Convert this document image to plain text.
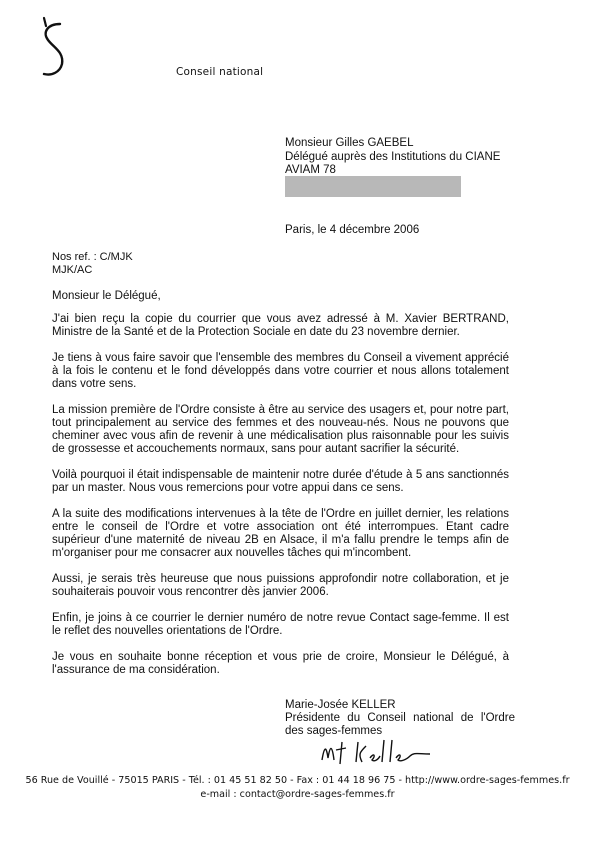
Conseil national
Monsieur Gilles GAEBEL
Délégué auprès des Institutions du CIANE
AVIAM 78
Paris, le 4 décembre 2006
Nos ref. : C/MJK
MJK/AC
Monsieur le Délégué,

J'ai bien reçu la copie du courrier que vous avez adressé à M. Xavier BERTRAND, Ministre de la Santé et de la Protection Sociale en date du 23 novembre dernier.

Je tiens à vous faire savoir que l'ensemble des membres du Conseil a vivement apprécié à la fois le contenu et le fond développés dans votre courrier et nous allons totalement dans votre sens.

La mission première de l'Ordre consiste à être au service des usagers et, pour notre part, tout principalement au service des femmes et des nouveau-nés. Nous ne pouvons que cheminer avec vous afin de revenir à une médicalisation plus raisonnable pour les suivis de grossesse et accouchements normaux, sans pour autant sacrifier la sécurité.

Voilà pourquoi il était indispensable de maintenir notre durée d'étude à 5 ans sanctionnés par un master. Nous vous remercions pour votre appui dans ce sens.

A la suite des modifications intervenues à la tête de l'Ordre en juillet dernier, les relations entre le conseil de l'Ordre et votre association ont été interrompues. Etant cadre supérieur d'une maternité de niveau 2B en Alsace, il m'a fallu prendre le temps afin de m'organiser pour me consacrer aux nouvelles tâches qui m'incombent.

Aussi, je serais très heureuse que nous puissions approfondir notre collaboration, et je souhaiterais pouvoir vous rencontrer dès janvier 2006.

Enfin, je joins à ce courrier le dernier numéro de notre revue Contact sage-femme. Il est le reflet des nouvelles orientations de l'Ordre.

Je vous en souhaite bonne réception et vous prie de croire, Monsieur le Délégué, à l'assurance de ma considération.

Marie-Josée KELLER
Présidente du Conseil national de l'Ordre des sages-femmes
56 Rue de Vouillé - 75015 PARIS - Tél. : 01 45 51 82 50 - Fax : 01 44 18 96 75 - http://www.ordre-sages-femmes.fr
e-mail : contact@ordre-sages-femmes.fr
